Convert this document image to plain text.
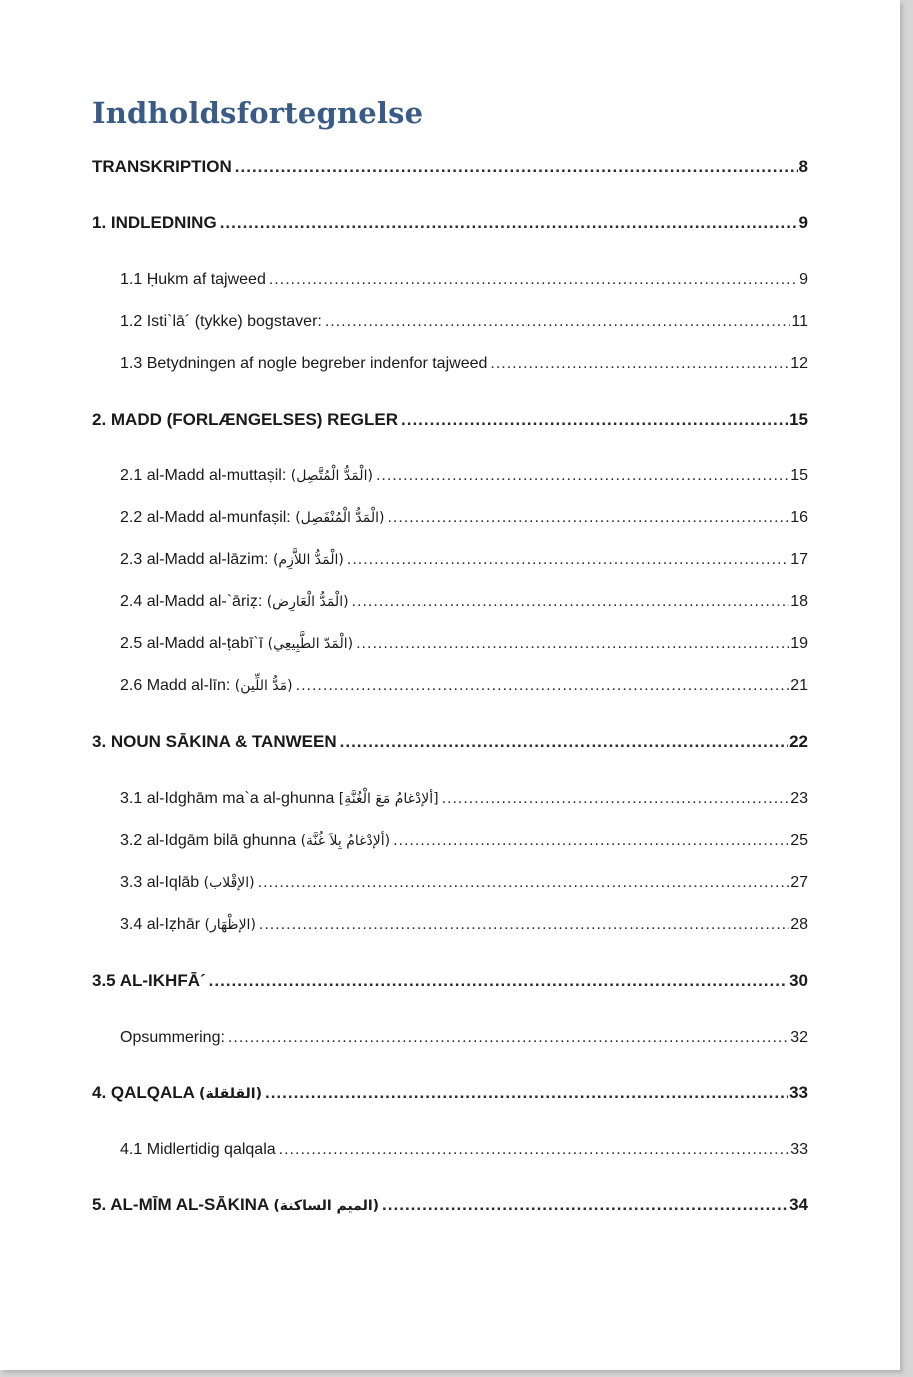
Indholdsfortegnelse
TRANSKRIPTION .....	8
1. INDLEDNING .....	9
1.1 Ḥukm af tajweed .....	9
1.2 Isti`lā´ (tykke) bogstaver: .....	11
1.3 Betydningen af nogle begreber indenfor tajweed .....	12
2. MADD (FORLÆNGELSES) REGLER .....	15
2.1 al-Madd al-muttaṣil: (الْمَدُّ الْمُتَّصِل) .....	15
2.2 al-Madd al-munfaṣil: (الْمَدُّ الْمُنْفَصِل) .....	16
2.3 al-Madd al-lāzim: (الْمَدُّ اللاَّزِم) .....	17
2.4 al-Madd al-`āriẓ: (الْمَدُّ الْعَارِض) .....	18
2.5 al-Madd al-ṭabī`ī (الْمَدّ الطَّبِيعِي) .....	19
2.6 Madd al-līn: (مَدُّ اللِّين) .....	21
3. NOUN SĀKINA & TANWEEN .....	22
3.1 al-Idghām ma`a al-ghunna [ألإدْغامُ مَعَ الْغُنَّةِ] .....	23
3.2 al-Idgām bilā ghunna (ألإدْغامُ بِلاَ غُنَّة) .....	25
3.3 al-Iqlāb (الإقْلاب) .....	27
3.4 al-Iẓhār (الإظْهَار) .....	28
3.5 AL-IKHFĀ´ .....	30
Opsummering: .....	32
4. QALQALA (القلقلة) .....	33
4.1 Midlertidig qalqala .....	33
5. AL-MĪM AL-SĀKINA (الميم الساكنة) .....	34
